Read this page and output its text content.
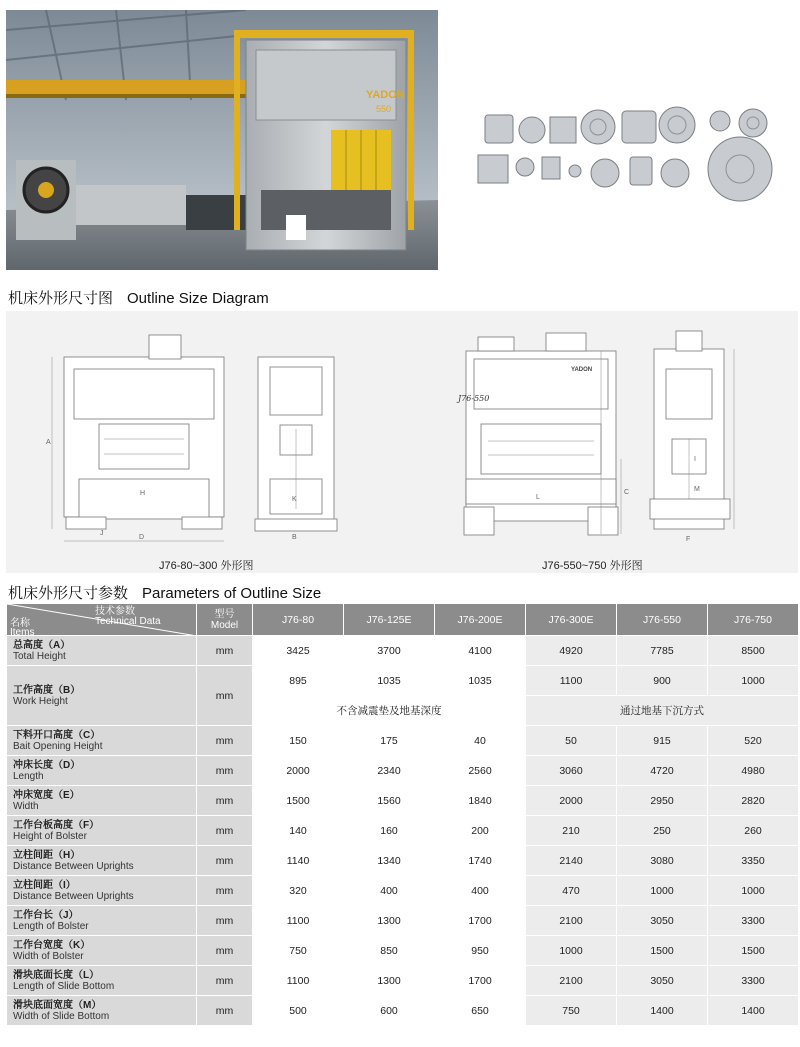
YADON
550
机床外形尺寸图 Outline Size Diagram
A
D
H
J
K
B
J76-550
YADON
L
C
F
I
M
J76-80~300 外形图	J76-550~750 外形图
机床外形尺寸参数 Parameters of Outline Size
技术参数
Technical Data
名称
Items	型号
Model	J76-80	J76-125E	J76-200E	J76-300E	J76-550	J76-750

总高度（A）
Total Height	mm	3425	3700	4100	4920	7785	8500

工作高度（B）
Work Height	mm	895	1035	1035	1100	900	1000
		不含减震垫及地基深度			通过地基下沉方式		

下料开口高度（C）
Bait Opening Height	mm	150	175	40	50	915	520

冲床长度（D）
Length	mm	2000	2340	2560	3060	4720	4980

冲床宽度（E）
Width	mm	1500	1560	1840	2000	2950	2820

工作台板高度（F）
Height of Bolster	mm	140	160	200	210	250	260

立柱间距（H）
Distance Between Uprights	mm	1140	1340	1740	2140	3080	3350

立柱间距（I）
Distance Between Uprights	mm	320	400	400	470	1000	1000

工作台长（J）
Length of Bolster	mm	1100	1300	1700	2100	3050	3300

工作台宽度（K）
Width of Bolster	mm	750	850	950	1000	1500	1500

滑块底面长度（L）
Length of Slide Bottom	mm	1100	1300	1700	2100	3050	3300

滑块底面宽度（M）
Width of Slide Bottom	mm	500	600	650	750	1400	1400
